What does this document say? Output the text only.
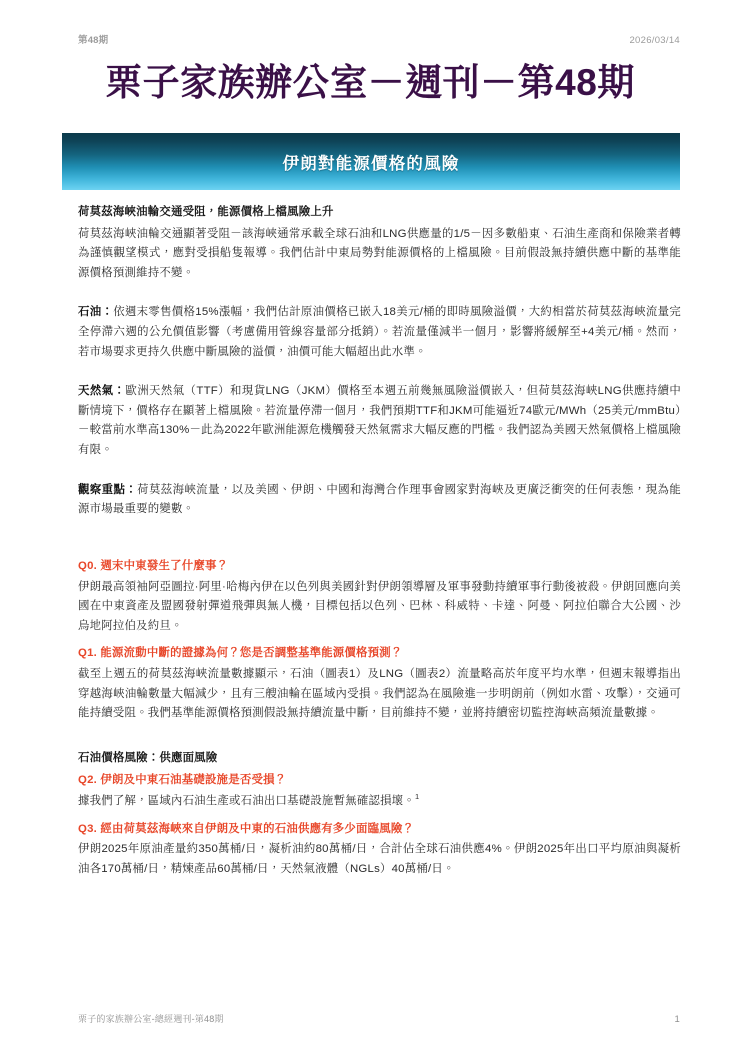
第48期	2026/03/14
栗子家族辦公室－週刊－第48期
伊朗對能源價格的風險

荷莫茲海峽油輪交通受阻，能源價格上檔風險上升

荷莫茲海峽油輪交通顯著受阻－該海峽通常承載全球石油和LNG供應量的1/5－因多數船東、石油生產商和保險業者轉為謹慎觀望模式，應對受損船隻報導。我們估計中東局勢對能源價格的上檔風險。目前假設無持續供應中斷的基準能源價格預測維持不變。

石油：依週末零售價格15%漲幅，我們估計原油價格已嵌入18美元/桶的即時風險溢價，大約相當於荷莫茲海峽流量完全停滯六週的公允價值影響（考慮備用管線容量部分抵銷）。若流量僅減半一個月，影響將緩解至+4美元/桶。然而，若市場要求更持久供應中斷風險的溢價，油價可能大幅超出此水準。

天然氣：歐洲天然氣（TTF）和現貨LNG（JKM）價格至本週五前幾無風險溢價嵌入，但荷莫茲海峽LNG供應持續中斷情境下，價格存在顯著上檔風險。若流量停滯一個月，我們預期TTF和JKM可能逼近74歐元/MWh（25美元/mmBtu）－較當前水準高130%－此為2022年歐洲能源危機觸發天然氣需求大幅反應的門檻。我們認為美國天然氣價格上檔風險有限。

觀察重點：荷莫茲海峽流量，以及美國、伊朗、中國和海灣合作理事會國家對海峽及更廣泛衝突的任何表態，現為能源市場最重要的變數。

Q0. 週末中東發生了什麼事？

伊朗最高領袖阿亞圖拉·阿里·哈梅內伊在以色列與美國針對伊朗領導層及軍事發動持續軍事行動後被殺。伊朗回應向美國在中東資產及盟國發射彈道飛彈與無人機，目標包括以色列、巴林、科威特、卡達、阿曼、阿拉伯聯合大公國、沙烏地阿拉伯及約旦。

Q1. 能源流動中斷的證據為何？您是否調整基準能源價格預測？

截至上週五的荷莫茲海峽流量數據顯示，石油（圖表1）及LNG（圖表2）流量略高於年度平均水準，但週末報導指出穿越海峽油輪數量大幅減少，且有三艘油輪在區域內受損。我們認為在風險進一步明朗前（例如水雷、攻擊），交通可能持續受阻。我們基準能源價格預測假設無持續流量中斷，目前維持不變，並將持續密切監控海峽高頻流量數據。

石油價格風險：供應面風險

Q2. 伊朗及中東石油基礎設施是否受損？

據我們了解，區域內石油生產或石油出口基礎設施暫無確認損壞。$^1$

Q3. 經由荷莫茲海峽來自伊朗及中東的石油供應有多少面臨風險？

伊朗2025年原油產量約350萬桶/日，凝析油約80萬桶/日，合計佔全球石油供應4%。伊朗2025年出口平均原油與凝析油各170萬桶/日，精煉產品60萬桶/日，天然氣液體（NGLs）40萬桶/日。

栗子的家族辦公室-總經週刊-第48期	1
